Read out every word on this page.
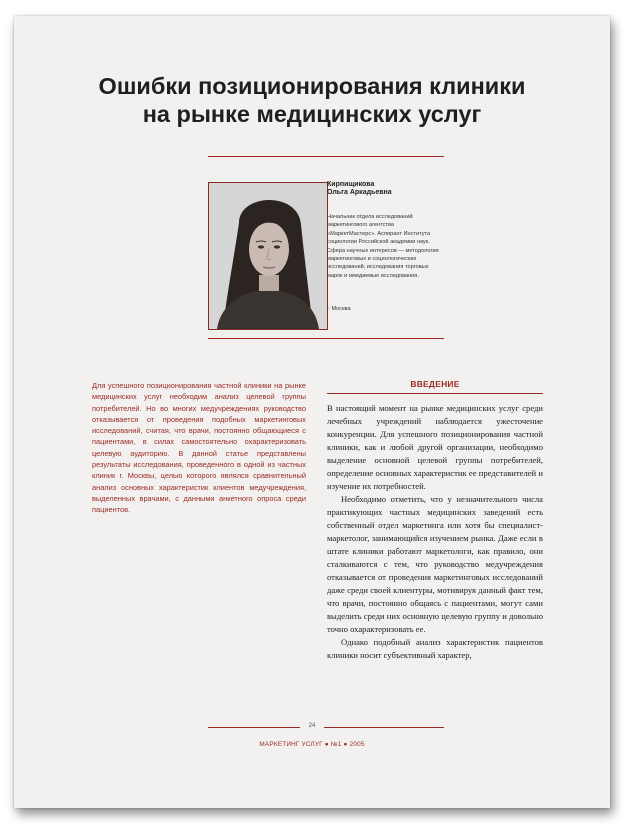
Ошибки позиционирования клиники
на рынке медицинских услуг
Кирпищикова
Ольга Аркадьевна

Начальник отдела исследований маркетингового агентства «МаркетМастерс». Аспирант Института социологии Российской академии наук. Сфера научных интересов — методология маркетинговых и социологических исследований, исследования торговых марок и имиджевые исследования.

г. Москва

Для успешного позиционирования частной клиники на рынке медицинских услуг необходим анализ целевой группы потребителей. Но во многих медучреждениях руководство отказывается от проведения подобных маркетинговых исследований, считая, что врачи, постоянно общающиеся с пациентами, в силах самостоятельно охарактеризовать целевую аудиторию. В данной статье представлены результаты исследования, проведенного в одной из частных клиник г. Москвы, целью которого являлся сравнительный анализ основных характеристик клиентов медучреждения, выделенных врачами, с данными анкетного опроса среди пациентов.

ВВЕДЕНИЕ

В настоящий момент на рынке медицинских услуг среди лечебных учреждений наблюдается ужесточение конкуренции. Для успешного позиционирования частной клиники, как и любой другой организации, необходимо выделение основной целевой группы потребителей, определение основных характеристик ее представителей и изучение их потребностей.

Необходимо отметить, что у незначительного числа практикующих частных медицинских заведений есть собственный отдел маркетинга или хотя бы специалист-маркетолог, занимающийся изучением рынка. Даже если в штате клиники работают маркетологи, как правило, они сталкиваются с тем, что руководство медучреждения отказывается от проведения маркетинговых исследований даже среди своей клиентуры, мотивируя данный факт тем, что врачи, постоянно общаясь с пациентами, могут сами выделить среди них основную целевую группу и довольно точно охарактеризовать ее.

Однако подобный анализ характеристик пациентов клиники носит субъективный характер,

24
МАРКЕТИНГ УСЛУГ ● №1 ● 2005
